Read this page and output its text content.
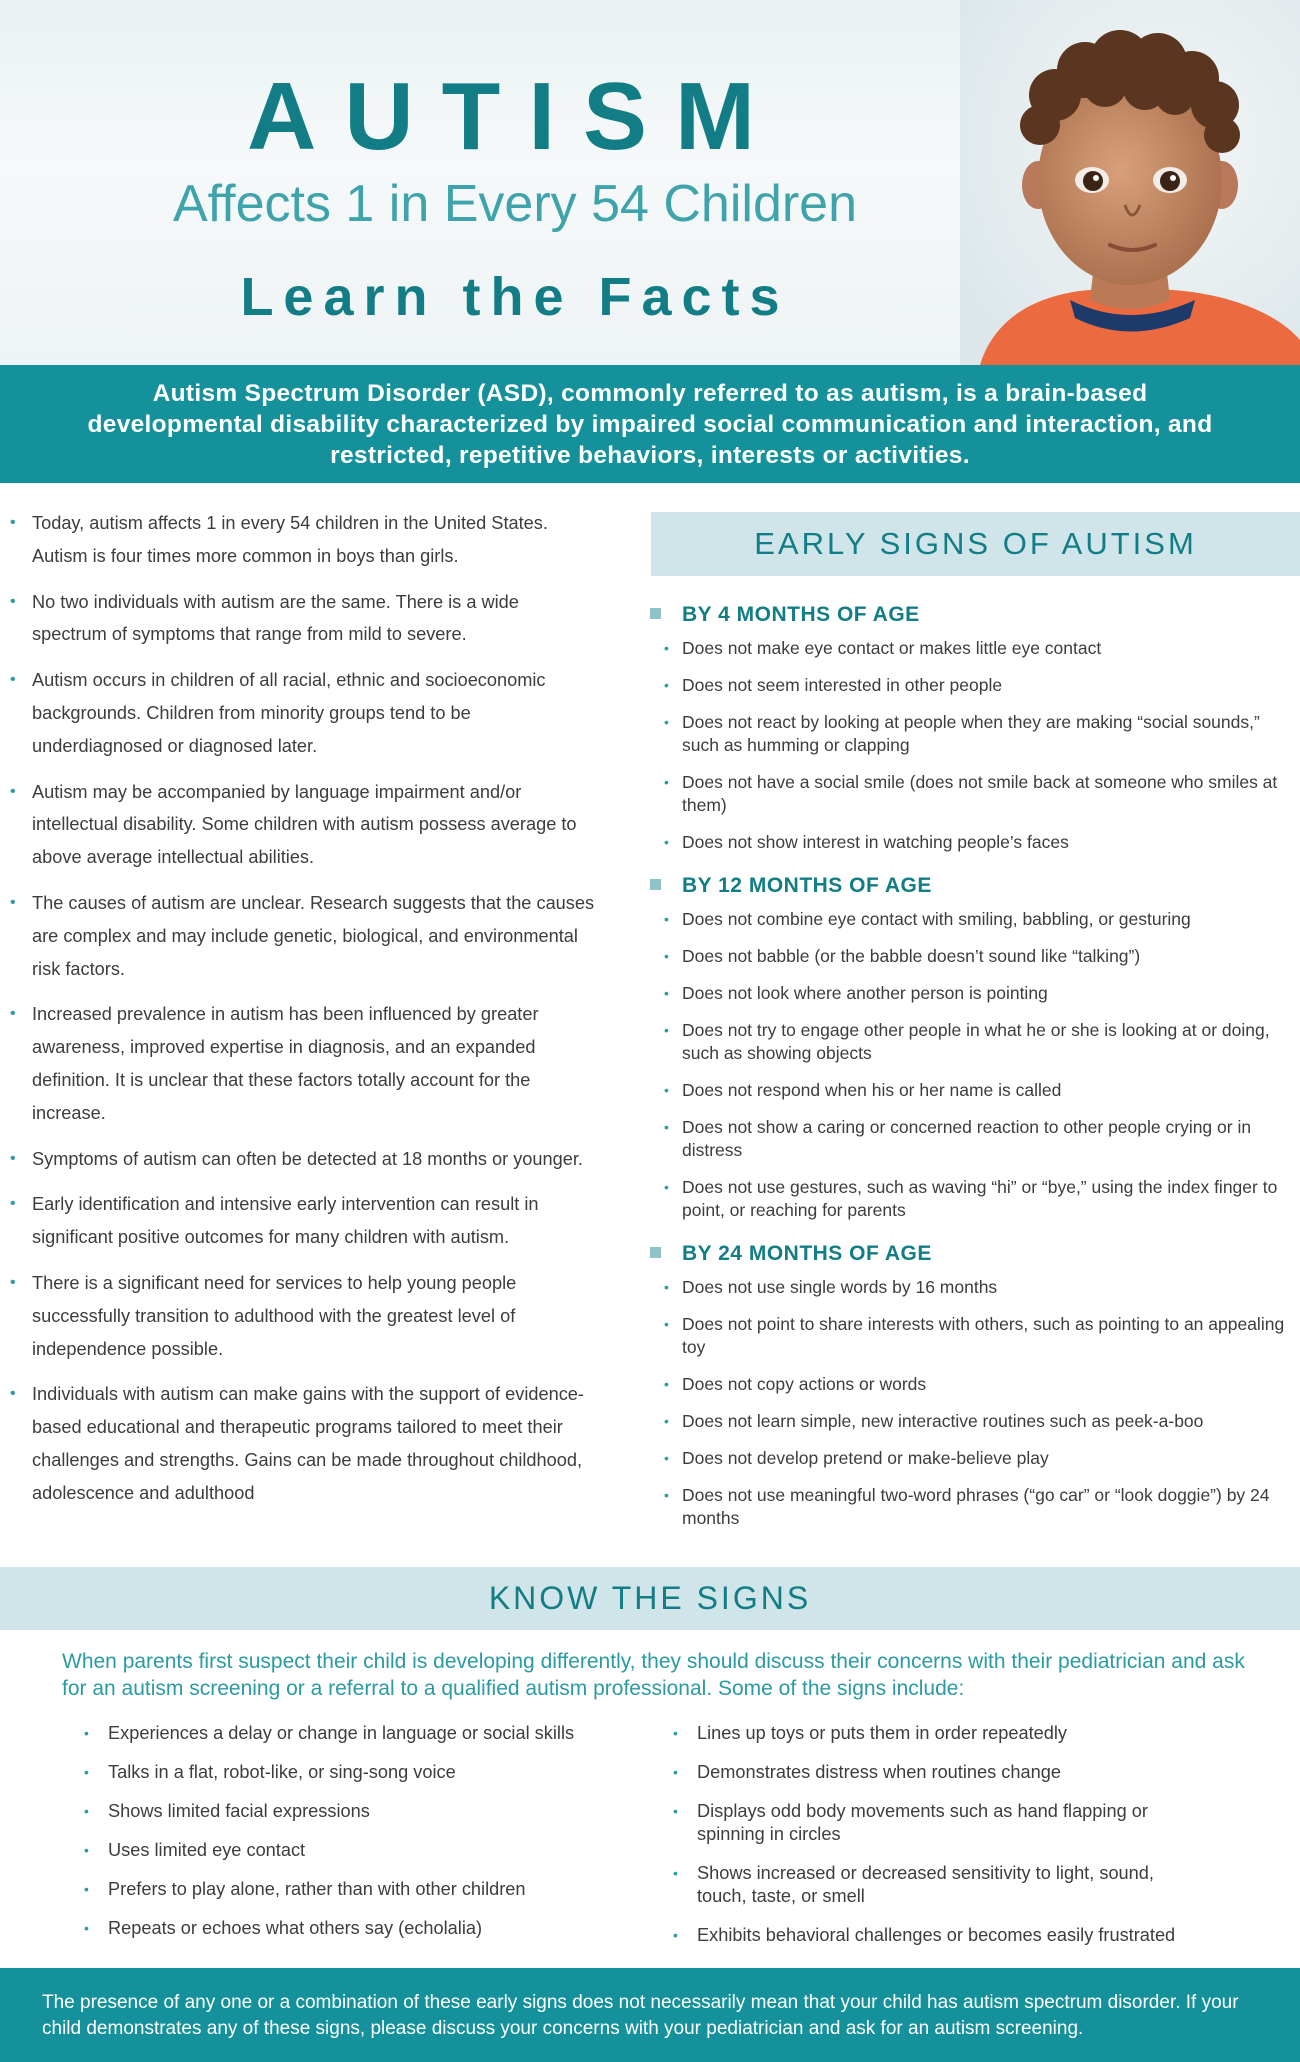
AUTISM
Affects 1 in Every 54 Children
Learn the Facts

Autism Spectrum Disorder (ASD), commonly referred to as autism, is a brain-based developmental disability characterized by impaired social communication and interaction, and restricted, repetitive behaviors, interests or activities.

• Today, autism affects 1 in every 54 children in the United States. Autism is four times more common in boys than girls.
• No two individuals with autism are the same. There is a wide spectrum of symptoms that range from mild to severe.
• Autism occurs in children of all racial, ethnic and socioeconomic backgrounds. Children from minority groups tend to be underdiagnosed or diagnosed later.
• Autism may be accompanied by language impairment and/or intellectual disability. Some children with autism possess average to above average intellectual abilities.
• The causes of autism are unclear. Research suggests that the causes are complex and may include genetic, biological, and environmental risk factors.
• Increased prevalence in autism has been influenced by greater awareness, improved expertise in diagnosis, and an expanded definition. It is unclear that these factors totally account for the increase.
• Symptoms of autism can often be detected at 18 months or younger.
• Early identification and intensive early intervention can result in significant positive outcomes for many children with autism.
• There is a significant need for services to help young people successfully transition to adulthood with the greatest level of independence possible.
• Individuals with autism can make gains with the support of evidence-based educational and therapeutic programs tailored to meet their challenges and strengths. Gains can be made throughout childhood, adolescence and adulthood
EARLY SIGNS OF AUTISM
BY 4 MONTHS OF AGE
• Does not make eye contact or makes little eye contact
• Does not seem interested in other people
• Does not react by looking at people when they are making “social sounds,” such as humming or clapping
• Does not have a social smile (does not smile back at someone who smiles at them)
• Does not show interest in watching people’s faces
BY 12 MONTHS OF AGE
• Does not combine eye contact with smiling, babbling, or gesturing
• Does not babble (or the babble doesn’t sound like “talking”)
• Does not look where another person is pointing
• Does not try to engage other people in what he or she is looking at or doing, such as showing objects
• Does not respond when his or her name is called
• Does not show a caring or concerned reaction to other people crying or in distress
• Does not use gestures, such as waving “hi” or “bye,” using the index finger to point, or reaching for parents
BY 24 MONTHS OF AGE
• Does not use single words by 16 months
• Does not point to share interests with others, such as pointing to an appealing toy
• Does not copy actions or words
• Does not learn simple, new interactive routines such as peek-a-boo
• Does not develop pretend or make-believe play
• Does not use meaningful two-word phrases (“go car” or “look doggie”) by 24 months
KNOW THE SIGNS

When parents first suspect their child is developing differently, they should discuss their concerns with their pediatrician and ask for an autism screening or a referral to a qualified autism professional. Some of the signs include:

• Experiences a delay or change in language or social skills
• Talks in a flat, robot-like, or sing-song voice
• Shows limited facial expressions
• Uses limited eye contact
• Prefers to play alone, rather than with other children
• Repeats or echoes what others say (echolalia)
• Lines up toys or puts them in order repeatedly
• Demonstrates distress when routines change
• Displays odd body movements such as hand flapping or spinning in circles
• Shows increased or decreased sensitivity to light, sound, touch, taste, or smell
• Exhibits behavioral challenges or becomes easily frustrated

The presence of any one or a combination of these early signs does not necessarily mean that your child has autism spectrum disorder. If your child demonstrates any of these signs, please discuss your concerns with your pediatrician and ask for an autism screening.
